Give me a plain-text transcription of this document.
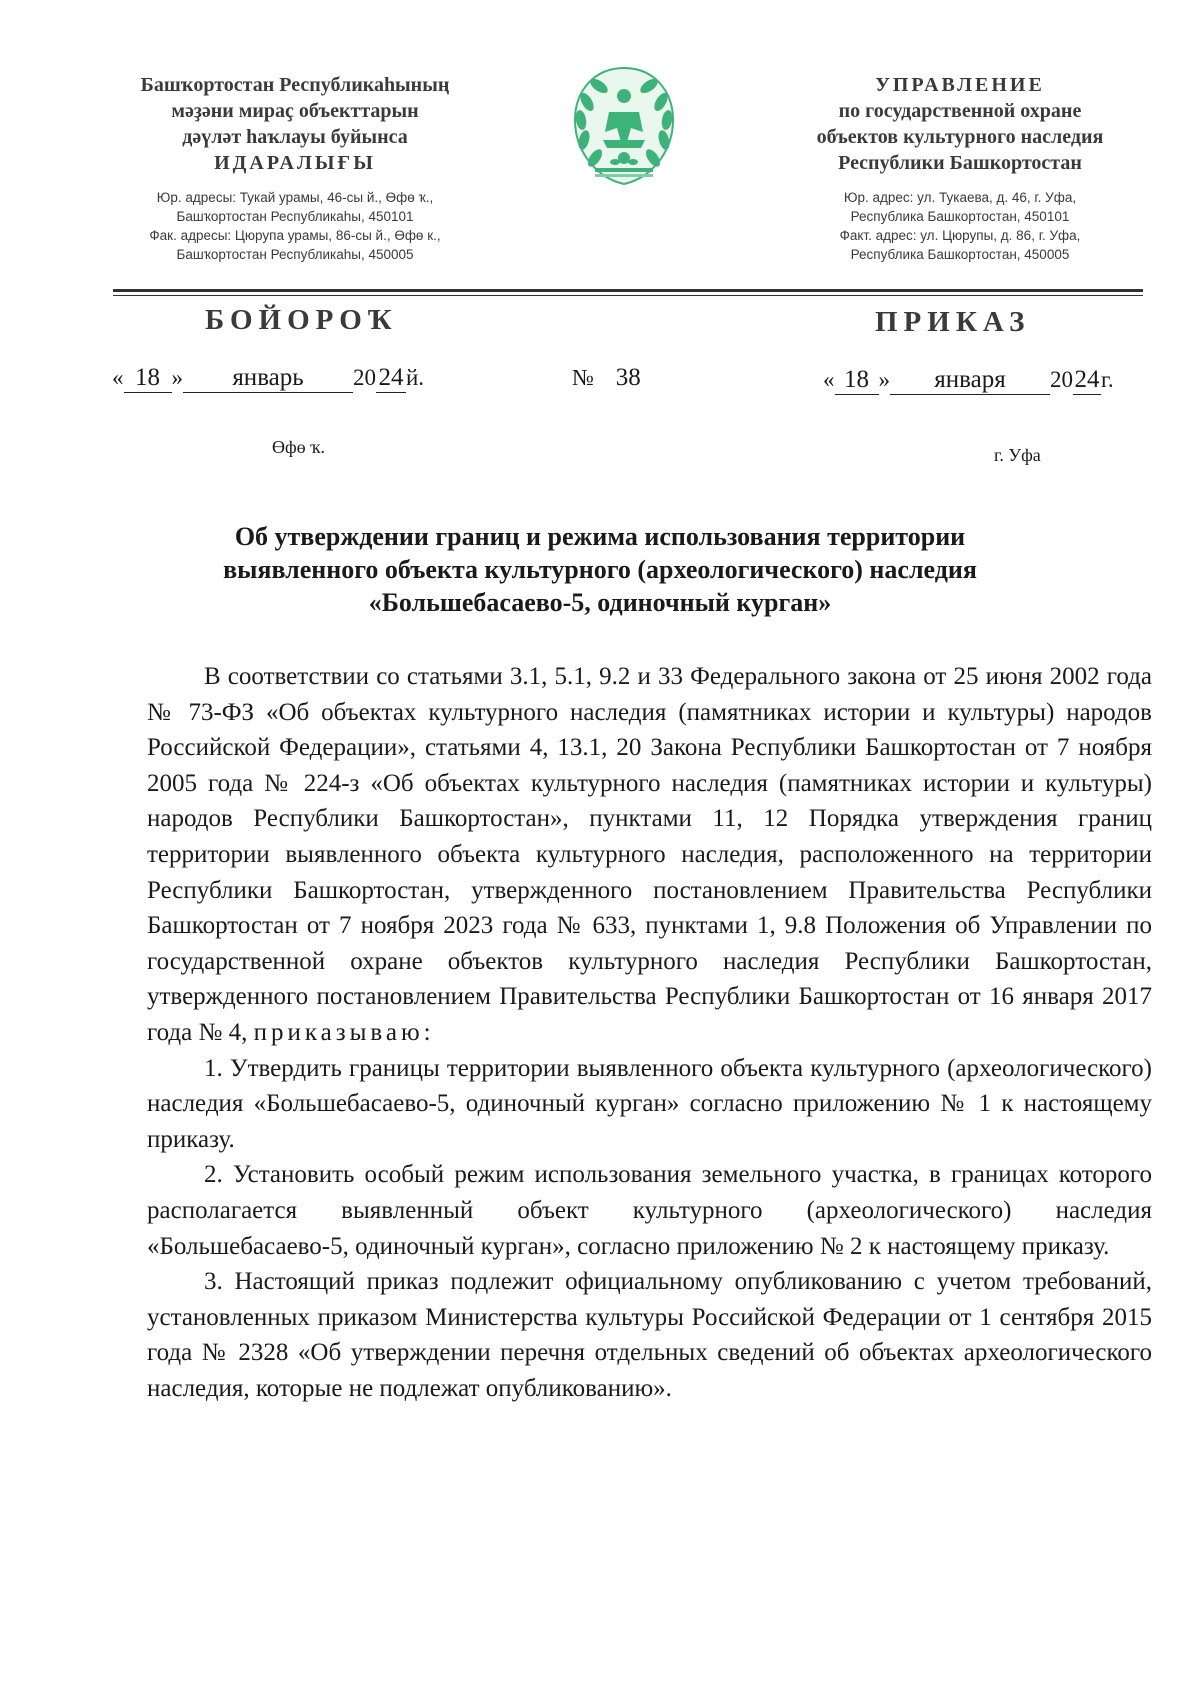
Башҡортостан Республикаһының
мәҙәни мираҫ объекттарын
дәүләт һаҡлауы буйынса
ИДАРАЛЫҒЫ
Юр. адресы: Тукай урамы, 46-сы й., Өфө ҡ.,
Башҡортостан Республикаһы, 450101
Фак. адресы: Цюрупа урамы, 86-сы й., Өфө к.,
Башҡортостан Республикаһы, 450005
УПРАВЛЕНИЕ
по государственной охране
объектов культурного наследия
Республики Башкортостан
Юр. адрес: ул. Тукаева, д. 46, г. Уфа,
Республика Башкортостан, 450101
Факт. адрес: ул. Цюрупы, д. 86, г. Уфа,
Республика Башкортостан, 450005
БОЙОРОҠ	ПРИКАЗ
« 18 » январь 20 24 й.	№ 38	« 18 » января 2024г.
Өфө ҡ.	г. Уфа
Об утверждении границ и режима использования территории
выявленного объекта культурного (археологического) наследия
«Большебасаево-5, одиночный курган»

В соответствии со статьями 3.1, 5.1, 9.2 и 33 Федерального закона от 25 июня 2002 года № 73-ФЗ «Об объектах культурного наследия (памятниках истории и культуры) народов Российской Федерации», статьями 4, 13.1, 20 Закона Республики Башкортостан от 7 ноября 2005 года № 224-з «Об объектах культурного наследия (памятниках истории и культуры) народов Республики Башкортостан», пунктами 11, 12 Порядка утверждения границ территории выявленного объекта культурного наследия, расположенного на территории Республики Башкортостан, утвержденного постановлением Правительства Республики Башкортостан от 7 ноября 2023 года № 633, пунктами 1, 9.8 Положения об Управлении по государственной охране объектов культурного наследия Республики Башкортостан, утвержденного постановлением Правительства Республики Башкортостан от 16 января 2017 года № 4, приказываю:

1. Утвердить границы территории выявленного объекта культурного (археологического) наследия «Большебасаево-5, одиночный курган» согласно приложению № 1 к настоящему приказу.

2. Установить особый режим использования земельного участка, в границах которого располагается выявленный объект культурного (археологического) наследия «Большебасаево-5, одиночный курган», согласно приложению № 2 к настоящему приказу.

3. Настоящий приказ подлежит официальному опубликованию с учетом требований, установленных приказом Министерства культуры Российской Федерации от 1 сентября 2015 года № 2328 «Об утверждении перечня отдельных сведений об объектах археологического наследия, которые не подлежат опубликованию».
